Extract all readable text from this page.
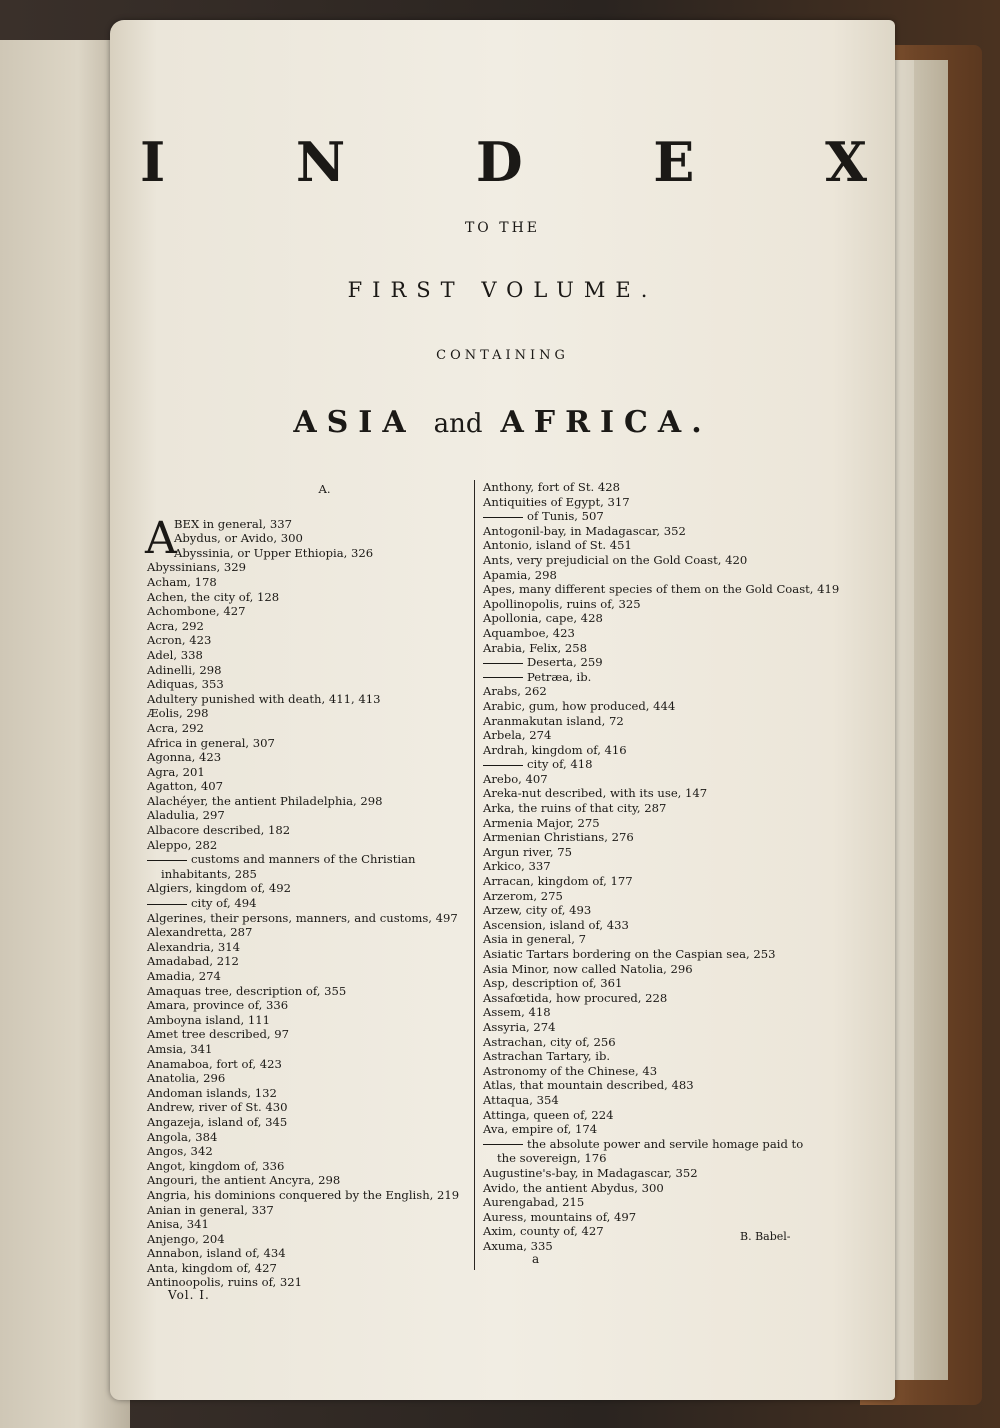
I N D E X
TO THE
FIRST VOLUME.
CONTAINING
ASIA and AFRICA.
A.
A
BEX in general, 337
Abydus, or Avido, 300
Abyssinia, or Upper Ethiopia, 326
Abyssinians, 329
Acham, 178
Achen, the city of, 128
Achombone, 427
Acra, 292
Acron, 423
Adel, 338
Adinelli, 298
Adiquas, 353
Adultery punished with death, 411, 413
Æolis, 298
Acra, 292
Africa in general, 307
Agonna, 423
Agra, 201
Agatton, 407
Alachéyer, the antient Philadelphia, 298
Aladulia, 297
Albacore described, 182
Aleppo, 282
customs and manners of the Christian inhabitants, 285
Algiers, kingdom of, 492
city of, 494
Algerines, their persons, manners, and customs, 497
Alexandretta, 287
Alexandria, 314
Amadabad, 212
Amadia, 274
Amaquas tree, description of, 355
Amara, province of, 336
Amboyna island, 111
Amet tree described, 97
Amsia, 341
Anamaboa, fort of, 423
Anatolia, 296
Andoman islands, 132
Andrew, river of St. 430
Angazeja, island of, 345
Angola, 384
Angos, 342
Angot, kingdom of, 336
Angouri, the antient Ancyra, 298
Angria, his dominions conquered by the English, 219
Anian in general, 337
Anisa, 341
Anjengo, 204
Annabon, island of, 434
Anta, kingdom of, 427
Antinoopolis, ruins of, 321
Anthony, fort of St. 428
Antiquities of Egypt, 317
of Tunis, 507
Antogonil-bay, in Madagascar, 352
Antonio, island of St. 451
Ants, very prejudicial on the Gold Coast, 420
Apamia, 298
Apes, many different species of them on the Gold Coast, 419
Apollinopolis, ruins of, 325
Apollonia, cape, 428
Aquamboe, 423
Arabia, Felix, 258
Deserta, 259
Petræa, ib.
Arabs, 262
Arabic, gum, how produced, 444
Aranmakutan island, 72
Arbela, 274
Ardrah, kingdom of, 416
city of, 418
Arebo, 407
Areka-nut described, with its use, 147
Arka, the ruins of that city, 287
Armenia Major, 275
Armenian Christians, 276
Argun river, 75
Arkico, 337
Arracan, kingdom of, 177
Arzerom, 275
Arzew, city of, 493
Ascension, island of, 433
Asia in general, 7
Asiatic Tartars bordering on the Caspian sea, 253
Asia Minor, now called Natolia, 296
Asp, description of, 361
Assafœtida, how procured, 228
Assem, 418
Assyria, 274
Astrachan, city of, 256
Astrachan Tartary, ib.
Astronomy of the Chinese, 43
Atlas, that mountain described, 483
Attaqua, 354
Attinga, queen of, 224
Ava, empire of, 174
the absolute power and servile homage paid to the sovereign, 176
Augustine's-bay, in Madagascar, 352
Avido, the antient Abydus, 300
Aurengabad, 215
Auress, mountains of, 497
Axim, county of, 427
Axuma, 335
B. Babel-
a
Vol. I.
